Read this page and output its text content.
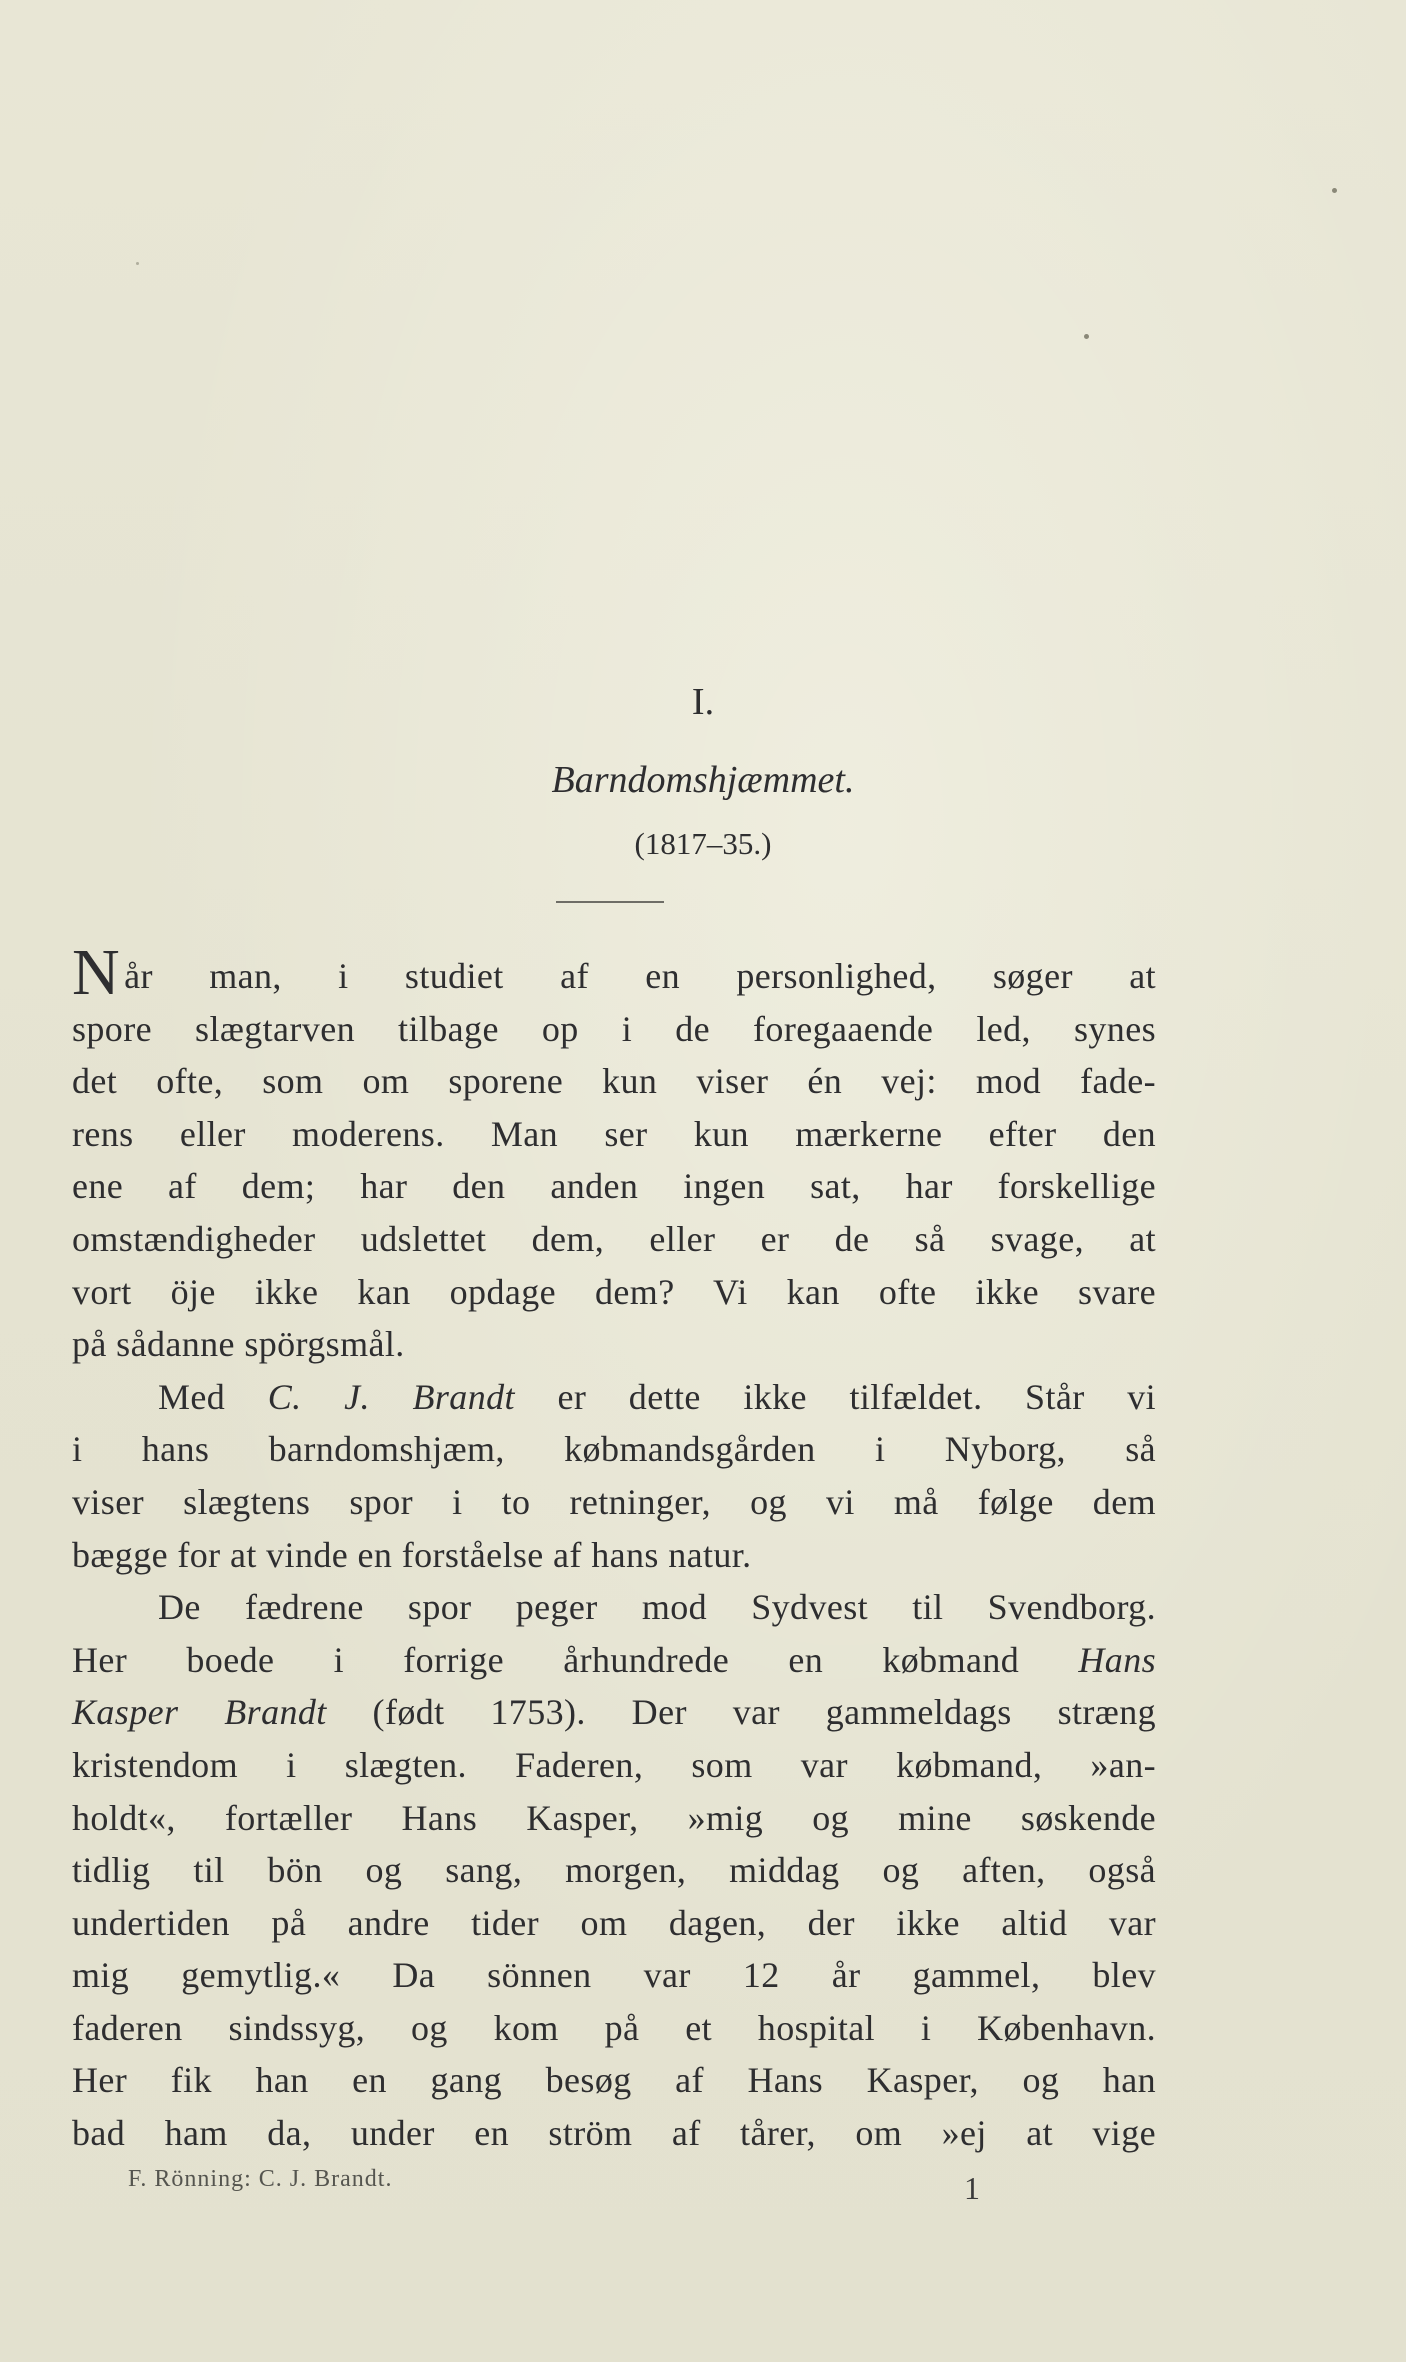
I.
Barndomshjæmmet.
(1817–35.)
Når man, i studiet af en personlighed, søger at
spore slægtarven tilbage op i de foregaaende led, synes
det ofte, som om sporene kun viser én vej: mod fade-
rens eller moderens. Man ser kun mærkerne efter den
ene af dem; har den anden ingen sat, har forskellige
omstændigheder udslettet dem, eller er de så svage, at
vort öje ikke kan opdage dem? Vi kan ofte ikke svare
på sådanne spörgsmål.
Med C. J. Brandt er dette ikke tilfældet. Står vi
i hans barndomshjæm, købmandsgården i Nyborg, så
viser slægtens spor i to retninger, og vi må følge dem
bægge for at vinde en forståelse af hans natur.
De fædrene spor peger mod Sydvest til Svendborg.
Her boede i forrige århundrede en købmand Hans
Kasper Brandt (født 1753). Der var gammeldags stræng
kristendom i slægten. Faderen, som var købmand, »an-
holdt«, fortæller Hans Kasper, »mig og mine søskende
tidlig til bön og sang, morgen, middag og aften, også
undertiden på andre tider om dagen, der ikke altid var
mig gemytlig.« Da sönnen var 12 år gammel, blev
faderen sindssyg, og kom på et hospital i København.
Her fik han en gang besøg af Hans Kasper, og han
bad ham da, under en ström af tårer, om »ej at vige
F. Rönning: C. J. Brandt.	1
